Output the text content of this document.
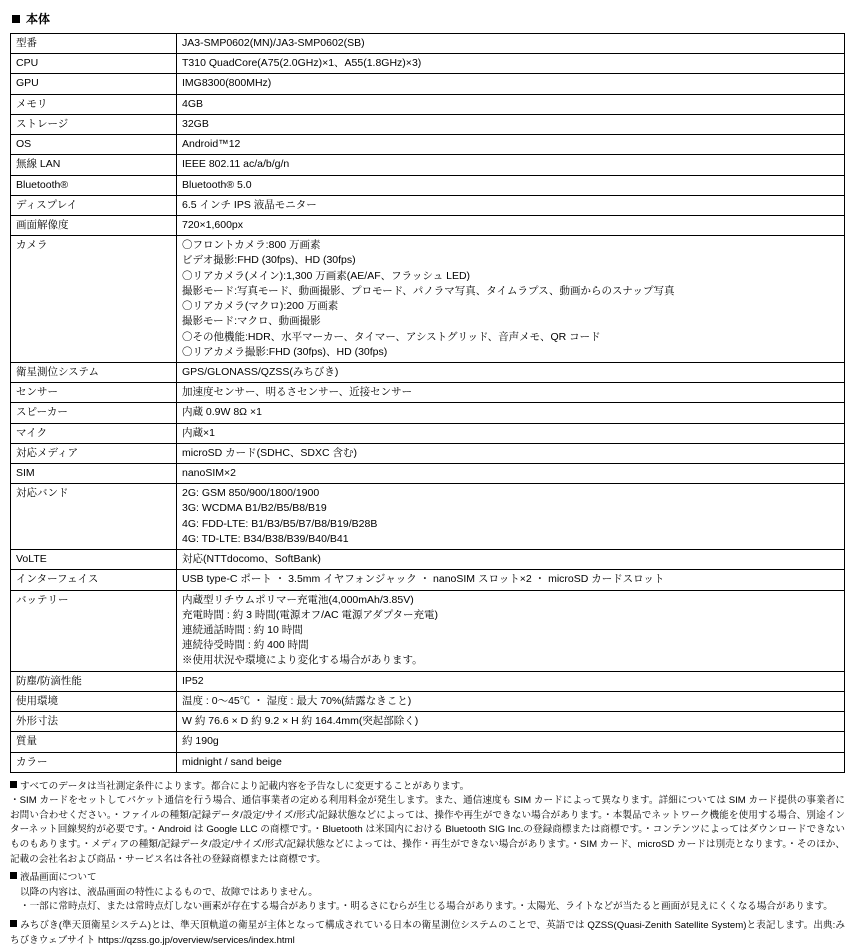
本体
型番	JA3-SMP0602(MN)/JA3-SMP0602(SB)
CPU	T310 QuadCore(A75(2.0GHz)×1、A55(1.8GHz)×3)
GPU	IMG8300(800MHz)
メモリ	4GB
ストレージ	32GB
OS	Android™12
無線 LAN	IEEE 802.11 ac/a/b/g/n
Bluetooth®	Bluetooth® 5.0
ディスプレイ	6.5 インチ IPS 液晶モニター
画面解像度	720×1,600px
カメラ	〇フロントカメラ:800 万画素
ビデオ撮影:FHD (30fps)、HD (30fps)
〇リアカメラ(メイン):1,300 万画素(AE/AF、フラッシュ LED)
撮影モード:写真モード、動画撮影、プロモード、パノラマ写真、タイムラプス、動画からのスナップ写真
〇リアカメラ(マクロ):200 万画素
撮影モード:マクロ、動画撮影
〇その他機能:HDR、水平マーカー、タイマー、アシストグリッド、音声メモ、QR コード
〇リアカメラ撮影:FHD (30fps)、HD (30fps)

衛星測位システム	GPS/GLONASS/QZSS(みちびき)
センサー	加速度センサー、明るさセンサー、近接センサー
スピーカー	内蔵 0.9W 8Ω ×1
マイク	内蔵×1
対応メディア	microSD カード(SDHC、SDXC 含む)
SIM	nanoSIM×2
対応バンド	2G: GSM 850/900/1800/1900
3G: WCDMA B1/B2/B5/B8/B19
4G: FDD-LTE: B1/B3/B5/B7/B8/B19/B28B
4G: TD-LTE: B34/B38/B39/B40/B41

VoLTE	対応(NTTdocomo、SoftBank)
インターフェイス	USB type-C ポート ・ 3.5mm イヤフォンジャック ・ nanoSIM スロット×2 ・ microSD カードスロット
バッテリー	内蔵型リチウムポリマー充電池(4,000mAh/3.85V)
充電時間 : 約 3 時間(電源オフ/AC 電源アダプター充電)
連続通話時間 : 約 10 時間
連続待受時間 : 約 400 時間
※使用状況や環境により変化する場合があります。

防塵/防滴性能	IP52
使用環境	温度 : 0〜45℃ ・ 湿度 : 最大 70%(結露なきこと)
外形寸法	W 約 76.6 × D 約 9.2 × H 約 164.4mm(突起部除く)
質量	約 190g
カラー	midnight / sand beige

すべてのデータは当社測定条件によります。都合により記載内容を予告なしに変更することがあります。

・SIM カードをセットしてパケット通信を行う場合、通信事業者の定める利用料金が発生します。また、通信速度も SIM カードによって異なります。詳細については SIM カード提供の事業者にお問い合わせください。・ファイルの種類/記録データ/設定/サイズ/形式/記録状態などによっては、操作や再生ができない場合があります。・本製品でネットワーク機能を使用する場合、別途インターネット回線契約が必要です。・Android は Google LLC の商標です。・Bluetooth は米国内における Bluetooth SIG Inc.の登録商標または商標です。・コンテンツによってはダウンロードできないものもあります。・メディアの種類/記録データ/設定/サイズ/形式/記録状態などによっては、操作・再生ができない場合があります。・SIM カード、microSD カードは別売となります。・そのほか、記載の会社名および商品・サービス名は各社の登録商標または商標です。

液晶画面について

以降の内容は、液晶画面の特性によるもので、故障ではありません。

・一部に常時点灯、または常時点灯しない画素が存在する場合があります。・明るさにむらが生じる場合があります。・太陽光、ライトなどが当たると画面が見えにくくなる場合があります。

みちびき(準天頂衛星システム)とは、準天頂軌道の衛星が主体となって構成されている日本の衛星測位システムのことで、英語では QZSS(Quasi-Zenith Satellite System)と表記します。出典:みちびきウェブサイト https://qzss.go.jp/overview/services/index.html
